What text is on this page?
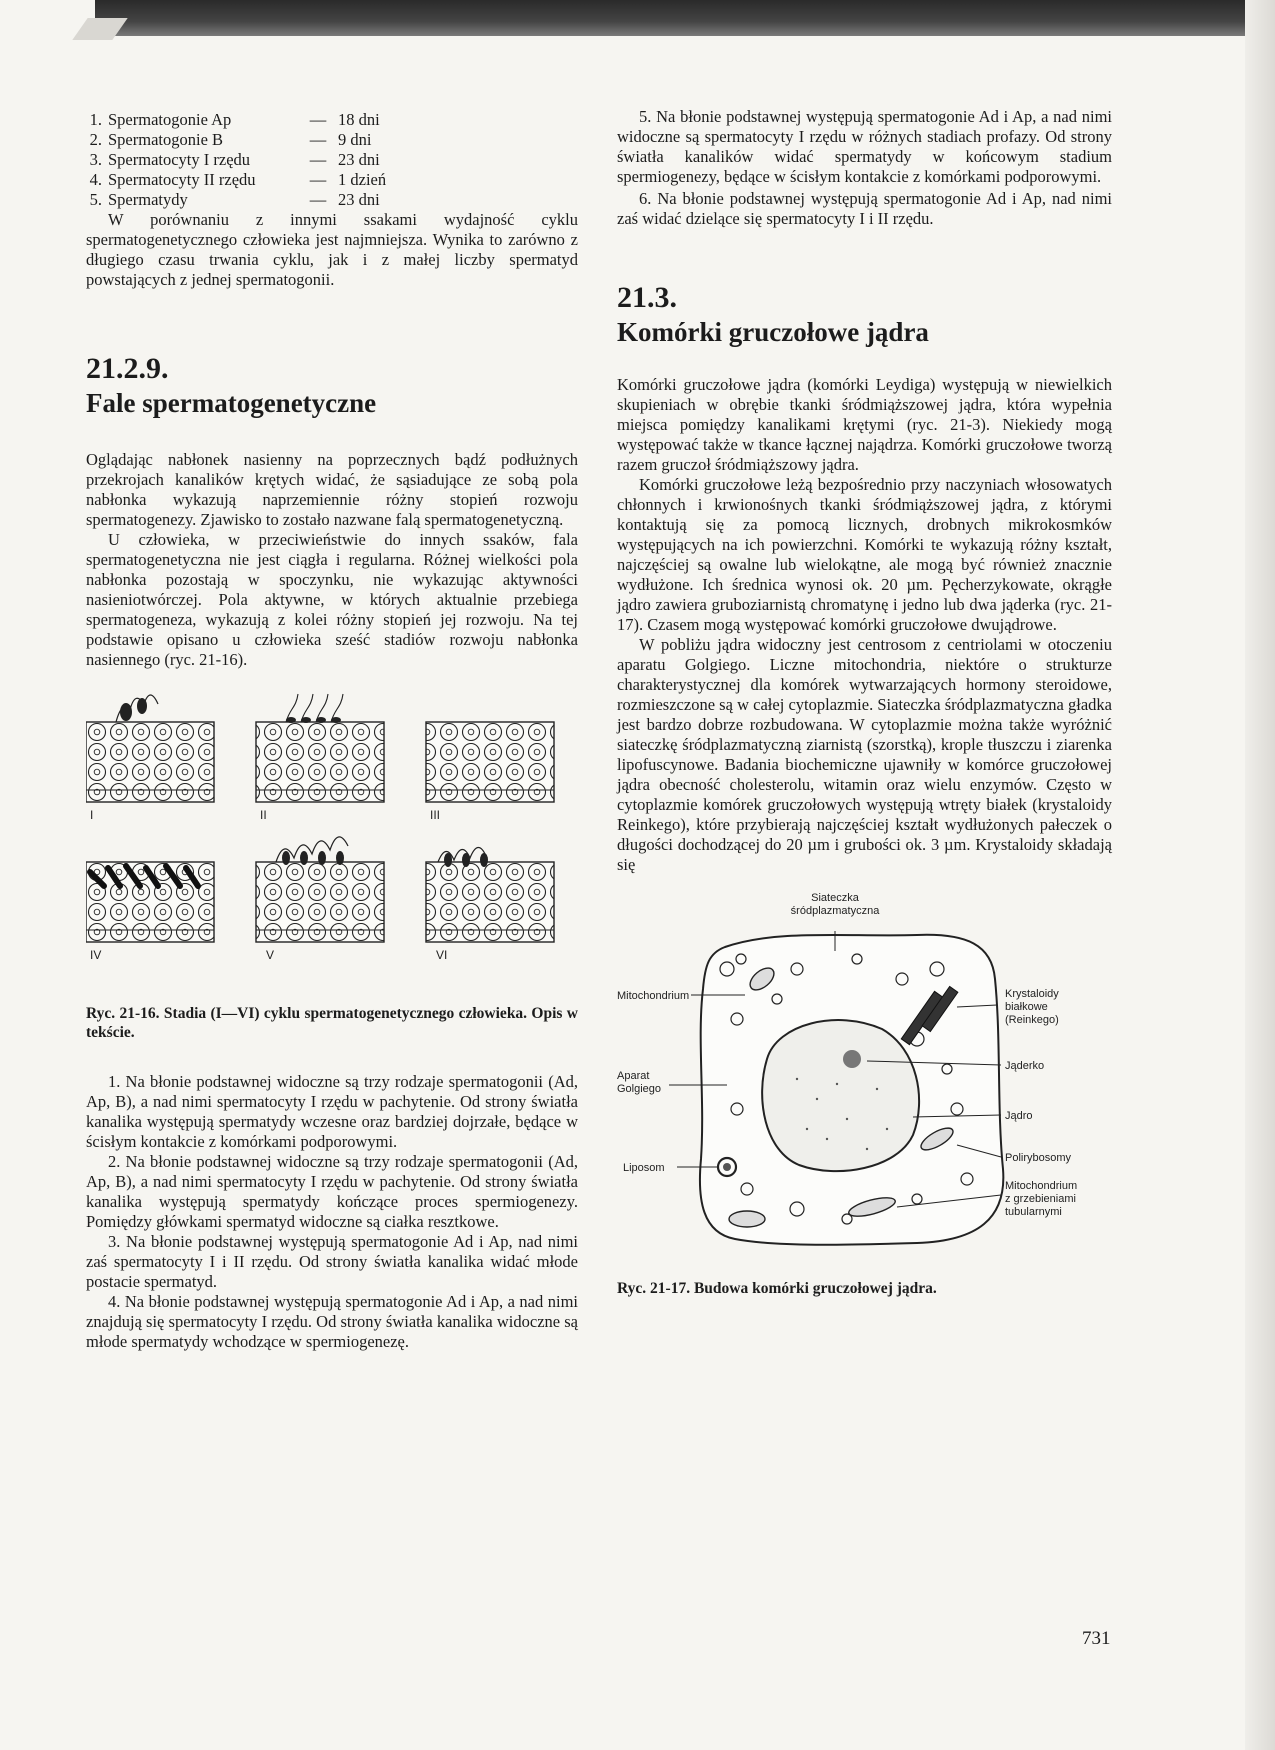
1. Spermatogonie Ap	— 18 dni
2. Spermatogonie B	— 9 dni
3. Spermatocyty I rzędu	— 23 dni
4. Spermatocyty II rzędu	— 1 dzień
5. Spermatydy	— 23 dni

W porównaniu z innymi ssakami wydajność cyklu spermatogenetycznego człowieka jest najmniejsza. Wynika to zarówno z długiego czasu trwania cyklu, jak i z małej liczby spermatyd powstających z jednej spermatogonii.

21.2.9.
Fale spermatogenetyczne

Oglądając nabłonek nasienny na poprzecznych bądź podłużnych przekrojach kanalików krętych widać, że sąsiadujące ze sobą pola nabłonka wykazują naprzemiennie różny stopień rozwoju spermatogenezy. Zjawisko to zostało nazwane falą spermatogenetyczną.

U człowieka, w przeciwieństwie do innych ssaków, fala spermatogenetyczna nie jest ciągła i regularna. Różnej wielkości pola nabłonka pozostają w spoczynku, nie wykazując aktywności nasieniotwórczej. Pola aktywne, w których aktualnie przebiega spermatogeneza, wykazują z kolei różny stopień jej rozwoju. Na tej podstawie opisano u człowieka sześć stadiów rozwoju nabłonka nasiennego (ryc. 21-16).

I	II	III
IV	V	VI

Ryc. 21-16. Stadia (I—VI) cyklu spermatogenetycznego człowieka. Opis w tekście.

1. Na błonie podstawnej widoczne są trzy rodzaje spermatogonii (Ad, Ap, B), a nad nimi spermatocyty I rzędu w pachytenie. Od strony światła kanalika występują spermatydy wczesne oraz bardziej dojrzałe, będące w ścisłym kontakcie z komórkami podporowymi.

2. Na błonie podstawnej widoczne są trzy rodzaje spermatogonii (Ad, Ap, B), a nad nimi spermatocyty I rzędu w pachytenie. Od strony światła kanalika występują spermatydy kończące proces spermiogenezy. Pomiędzy główkami spermatyd widoczne są ciałka resztkowe.

3. Na błonie podstawnej występują spermatogonie Ad i Ap, nad nimi zaś spermatocyty I i II rzędu. Od strony światła kanalika widać młode postacie spermatyd.

4. Na błonie podstawnej występują spermatogonie Ad i Ap, a nad nimi znajdują się spermatocyty I rzędu. Od strony światła kanalika widoczne są młode spermatydy wchodzące w spermiogenezę.

5. Na błonie podstawnej występują spermatogonie Ad i Ap, a nad nimi widoczne są spermatocyty I rzędu w różnych stadiach profazy. Od strony światła kanalików widać spermatydy w końcowym stadium spermiogenezy, będące w ścisłym kontakcie z komórkami podporowymi.

6. Na błonie podstawnej występują spermatogonie Ad i Ap, nad nimi zaś widać dzielące się spermatocyty I i II rzędu.

21.3.
Komórki gruczołowe jądra

Komórki gruczołowe jądra (komórki Leydiga) występują w niewielkich skupieniach w obrębie tkanki śródmiąższowej jądra, która wypełnia miejsca pomiędzy kanalikami krętymi (ryc. 21-3). Niekiedy mogą występować także w tkance łącznej najądrza. Komórki gruczołowe tworzą razem gruczoł śródmiąższowy jądra.

Komórki gruczołowe leżą bezpośrednio przy naczyniach włosowatych chłonnych i krwionośnych tkanki śródmiąższowej jądra, z którymi kontaktują się za pomocą licznych, drobnych mikrokosmków występujących na ich powierzchni. Komórki te wykazują różny kształt, najczęściej są owalne lub wielokątne, ale mogą być również znacznie wydłużone. Ich średnica wynosi ok. 20 µm. Pęcherzykowate, okrągłe jądro zawiera gruboziarnistą chromatynę i jedno lub dwa jąderka (ryc. 21-17). Czasem mogą występować komórki gruczołowe dwujądrowe.

W pobliżu jądra widoczny jest centrosom z centriolami w otoczeniu aparatu Golgiego. Liczne mitochondria, niektóre o strukturze charakterystycznej dla komórek wytwarzających hormony steroidowe, rozmieszczone są w całej cytoplazmie. Siateczka śródplazmatyczna gładka jest bardzo dobrze rozbudowana. W cytoplazmie można także wyróżnić siateczkę śródplazmatyczną ziarnistą (szorstką), krople tłuszczu i ziarenka lipofuscynowe. Badania biochemiczne ujawniły w komórce gruczołowej jądra obecność cholesterolu, witamin oraz wielu enzymów. Często w cytoplazmie komórek gruczołowych występują wtręty białek (krystaloidy Reinkego), które przybierają najczęściej kształt wydłużonych pałeczek o długości dochodzącej do 20 µm i grubości ok. 3 µm. Krystaloidy składają się

Siateczka
śródplazmatyczna
Mitochondrium
Aparat
Golgiego
Liposom
Krystaloidy
białkowe
(Reinkego)
Jąderko
Jądro
Polirybosomy
Mitochondrium
z grzebieniami
tubularnymi

Ryc. 21-17. Budowa komórki gruczołowej jądra.

731
